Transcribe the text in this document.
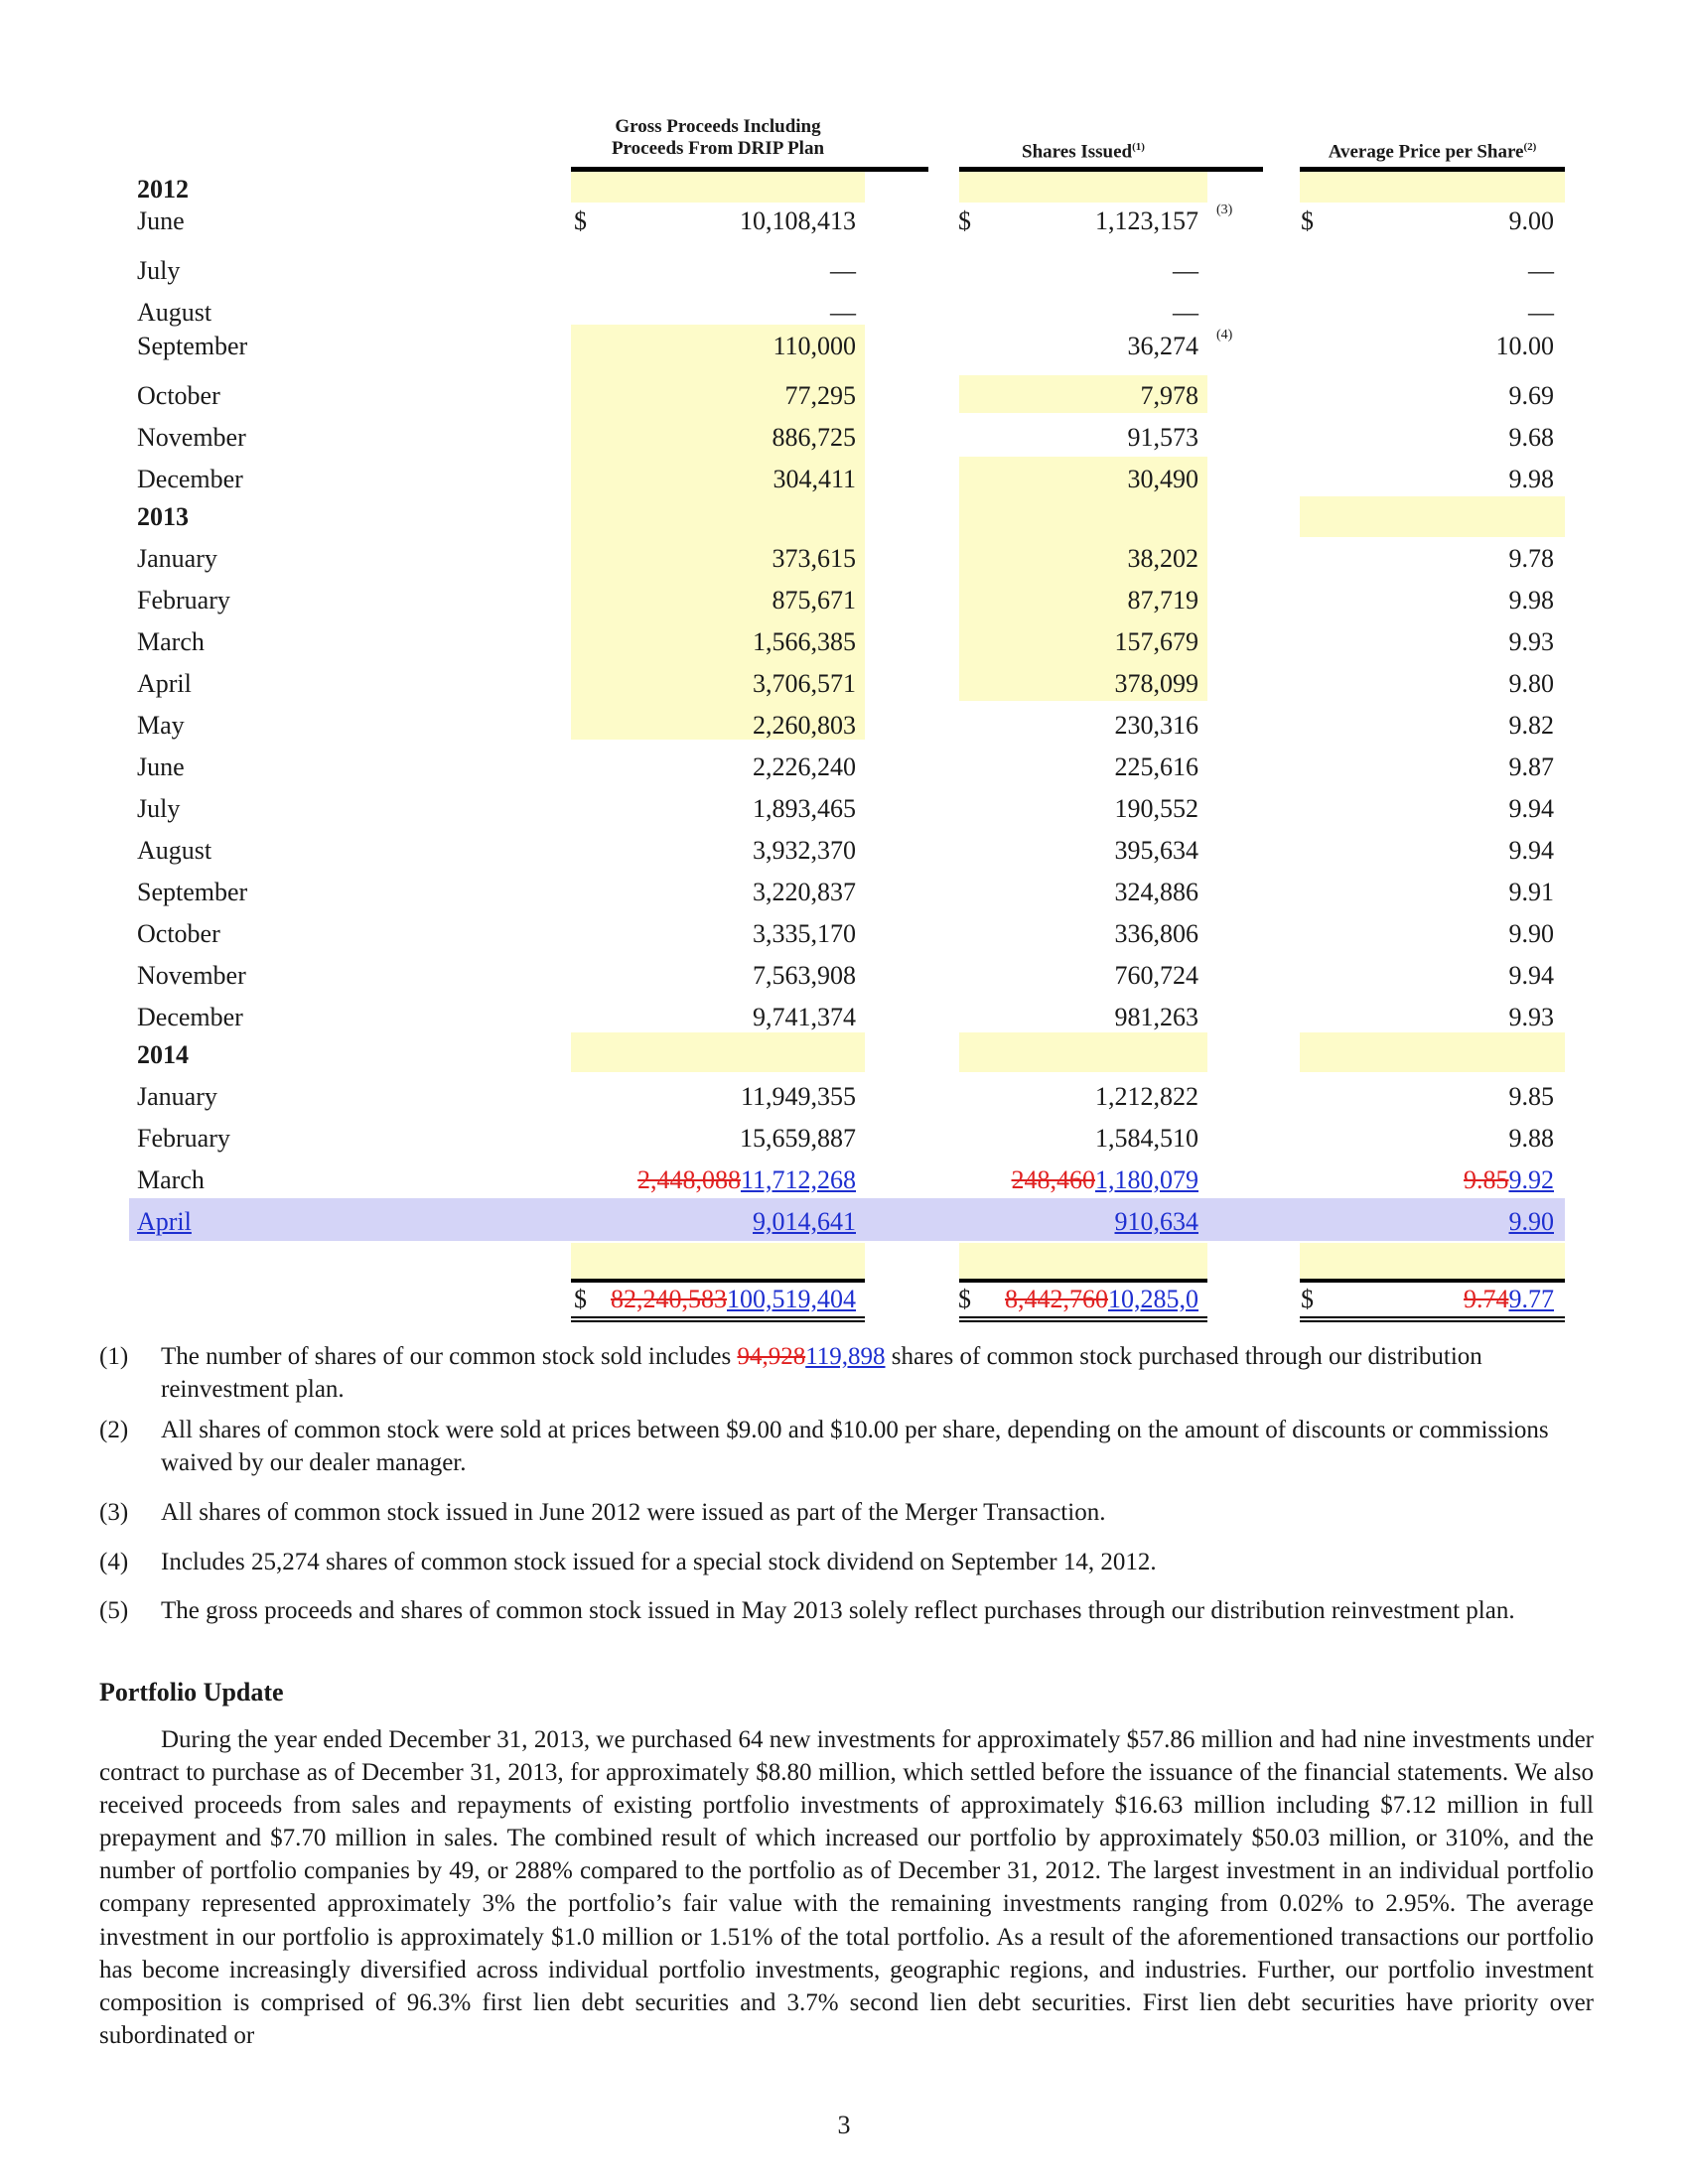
Gross Proceeds Including
Proceeds From DRIP Plan	Shares Issued$^{(1)}$	Average Price per Share$^{(2)}$
2012
June	$	10,108,413	$	1,123,157 (3)	$	9.00
July	—	—	—
August	—	—	—
September	110,000	36,274 (4)	10.00
October	77,295	7,978	9.69
November	886,725	91,573	9.68
December	304,411	30,490	9.98
2013
January	373,615	38,202	9.78
February	875,671	87,719	9.98
March	1,566,385	157,679	9.93
April	3,706,571	378,099	9.80
May	2,260,803	230,316	9.82
June	2,226,240	225,616	9.87
July	1,893,465	190,552	9.94
August	3,932,370	395,634	9.94
September	3,220,837	324,886	9.91
October	3,335,170	336,806	9.90
November	7,563,908	760,724	9.94
December	9,741,374	981,263	9.93
2014
January	11,949,355	1,212,822	9.85
February	15,659,887	1,584,510	9.88
March	2,448,08811,712,268	248,4601,180,079	9.859.92
April	9,014,641	910,634	9.90
$ 82,240,583100,519,404	$ 8,442,76010,285,0	$	9.749.77
(1) The number of shares of our common stock sold includes 94,928119,898 shares of common stock purchased through our distribution reinvestment plan.
(2) All shares of common stock were sold at prices between $9.00 and $10.00 per share, depending on the amount of discounts or commissions waived by our dealer manager.
(3) All shares of common stock issued in June 2012 were issued as part of the Merger Transaction.
(4) Includes 25,274 shares of common stock issued for a special stock dividend on September 14, 2012.
(5) The gross proceeds and shares of common stock issued in May 2013 solely reflect purchases through our distribution reinvestment plan.
Portfolio Update
During the year ended December 31, 2013, we purchased 64 new investments for approximately $57.86 million and had nine investments under contract to purchase as of December 31, 2013, for approximately $8.80 million, which settled before the issuance of the financial statements. We also received proceeds from sales and repayments of existing portfolio investments of approximately $16.63 million including $7.12 million in full prepayment and $7.70 million in sales. The combined result of which increased our portfolio by approximately $50.03 million, or 310%, and the number of portfolio companies by 49, or 288% compared to the portfolio as of December 31, 2012. The largest investment in an individual portfolio company represented approximately 3% the portfolio’s fair value with the remaining investments ranging from 0.02% to 2.95%. The average investment in our portfolio is approximately $1.0 million or 1.51% of the total portfolio. As a result of the aforementioned transactions our portfolio has become increasingly diversified across individual portfolio investments, geographic regions, and industries. Further, our portfolio investment composition is comprised of 96.3% first lien debt securities and 3.7% second lien debt securities. First lien debt securities have priority over subordinated or
3
